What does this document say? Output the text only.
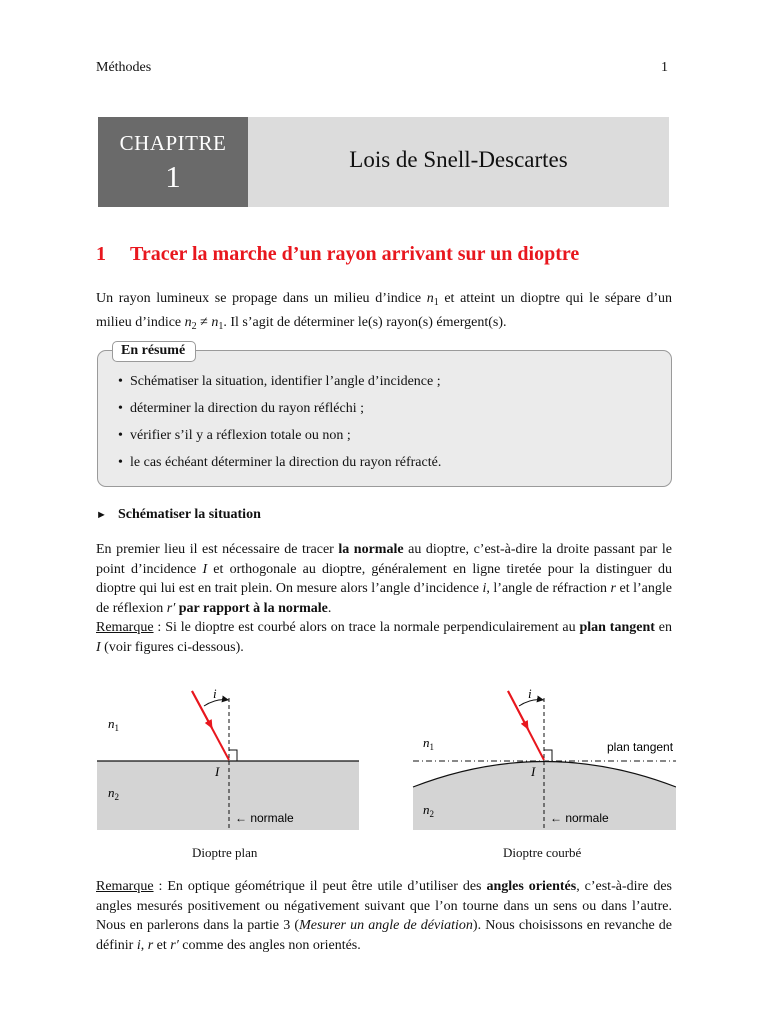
Méthodes	1
CHAPITRE
1	Lois de Snell-Descartes
1 Tracer la marche d’un rayon arrivant sur un dioptre
Un rayon lumineux se propage dans un milieu d’indice $n_1$ et atteint un dioptre qui le sépare d’un milieu d’indice $n_2 \ne n_1$. Il s’agit de déterminer le(s) rayon(s) émergent(s).
En résumé
• Schématiser la situation, identifier l’angle d’incidence ;
• déterminer la direction du rayon réfléchi ;
• vérifier s’il y a réflexion totale ou non ;
• le cas échéant déterminer la direction du rayon réfracté.
► Schématiser la situation
En premier lieu il est nécessaire de tracer la normale au dioptre, c’est-à-dire la droite passant par le point d’incidence I et orthogonale au dioptre, généralement en ligne tiretée pour la distinguer du dioptre qui lui est en trait plein. On mesure alors l’angle d’incidence i, l’angle de réfraction r et l’angle de réflexion r′ par rapport à la normale.
Remarque : Si le dioptre est courbé alors on trace la normale perpendiculairement au plan tangent en I (voir figures ci-dessous).
i
I
$n_1$
$n_2$
← normale
i
I
$n_1$
$n_2$
plan tangent
← normale
Dioptre plan	Dioptre courbé
Remarque : En optique géométrique il peut être utile d’utiliser des angles orientés, c’est-à-dire des angles mesurés positivement ou négativement suivant que l’on tourne dans un sens ou dans l’autre. Nous en parlerons dans la partie 3 (Mesurer un angle de déviation). Nous choisissons en revanche de définir i, r et r′ comme des angles non orientés.
